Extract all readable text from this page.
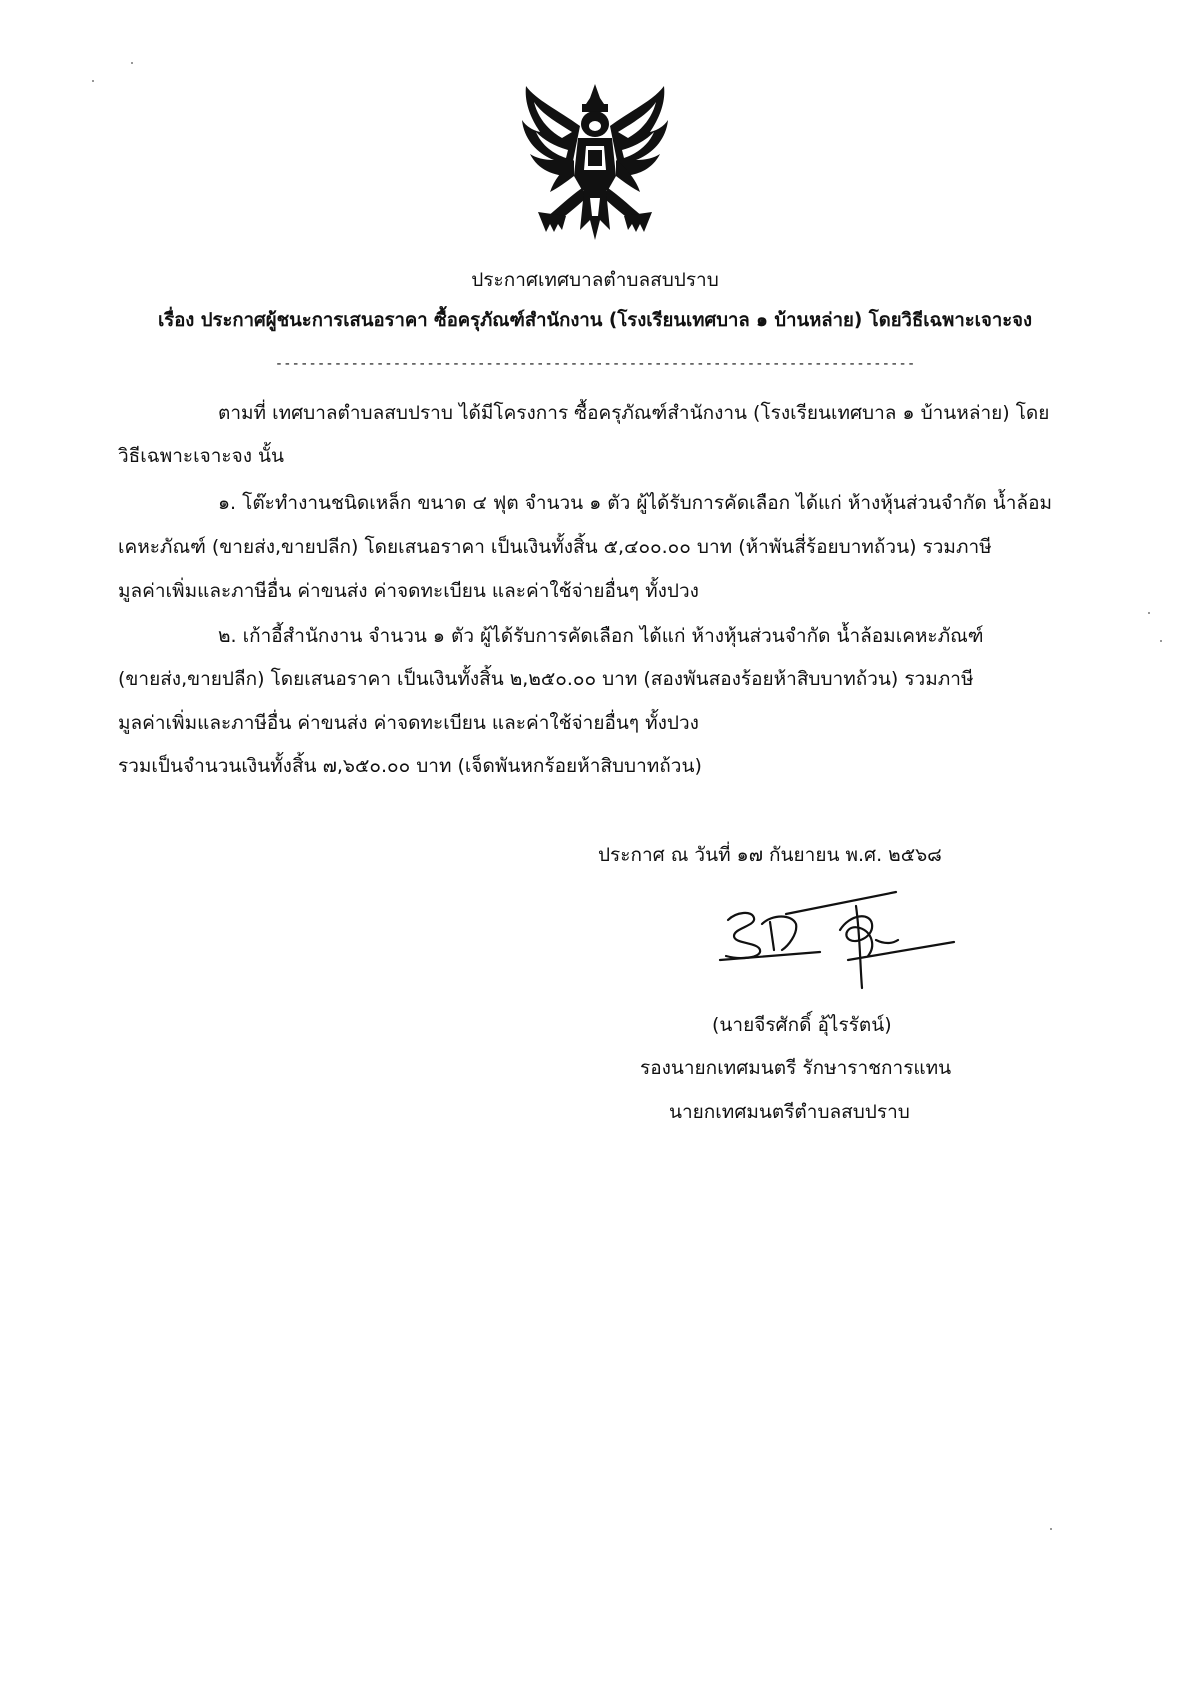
ประกาศเทศบาลตำบลสบปราบ
เรื่อง ประกาศผู้ชนะการเสนอราคา ซื้อครุภัณฑ์สำนักงาน (โรงเรียนเทศบาล ๑ บ้านหล่าย) โดยวิธีเฉพาะเจาะจง
----------------------------------------------------------------------------
ตามที่ เทศบาลตำบลสบปราบ ได้มีโครงการ ซื้อครุภัณฑ์สำนักงาน (โรงเรียนเทศบาล ๑ บ้านหล่าย) โดย
วิธีเฉพาะเจาะจง นั้น
๑. โต๊ะทำงานชนิดเหล็ก ขนาด ๔ ฟุต จำนวน ๑ ตัว ผู้ได้รับการคัดเลือก ได้แก่ ห้างหุ้นส่วนจำกัด น้ำล้อม
เคหะภัณฑ์ (ขายส่ง,ขายปลีก) โดยเสนอราคา เป็นเงินทั้งสิ้น ๕,๔๐๐.๐๐ บาท (ห้าพันสี่ร้อยบาทถ้วน) รวมภาษี
มูลค่าเพิ่มและภาษีอื่น ค่าขนส่ง ค่าจดทะเบียน และค่าใช้จ่ายอื่นๆ ทั้งปวง
๒. เก้าอี้สำนักงาน จำนวน ๑ ตัว ผู้ได้รับการคัดเลือก ได้แก่ ห้างหุ้นส่วนจำกัด น้ำล้อมเคหะภัณฑ์
(ขายส่ง,ขายปลีก) โดยเสนอราคา เป็นเงินทั้งสิ้น ๒,๒๕๐.๐๐ บาท (สองพันสองร้อยห้าสิบบาทถ้วน) รวมภาษี
มูลค่าเพิ่มและภาษีอื่น ค่าขนส่ง ค่าจดทะเบียน และค่าใช้จ่ายอื่นๆ ทั้งปวง
รวมเป็นจำนวนเงินทั้งสิ้น ๗,๖๕๐.๐๐ บาท (เจ็ดพันหกร้อยห้าสิบบาทถ้วน)
ประกาศ ณ วันที่ ๑๗ กันยายน พ.ศ. ๒๕๖๘
(นายจีรศักดิ์ อุ้ไรรัตน์)
รองนายกเทศมนตรี รักษาราชการแทน
นายกเทศมนตรีตำบลสบปราบ
